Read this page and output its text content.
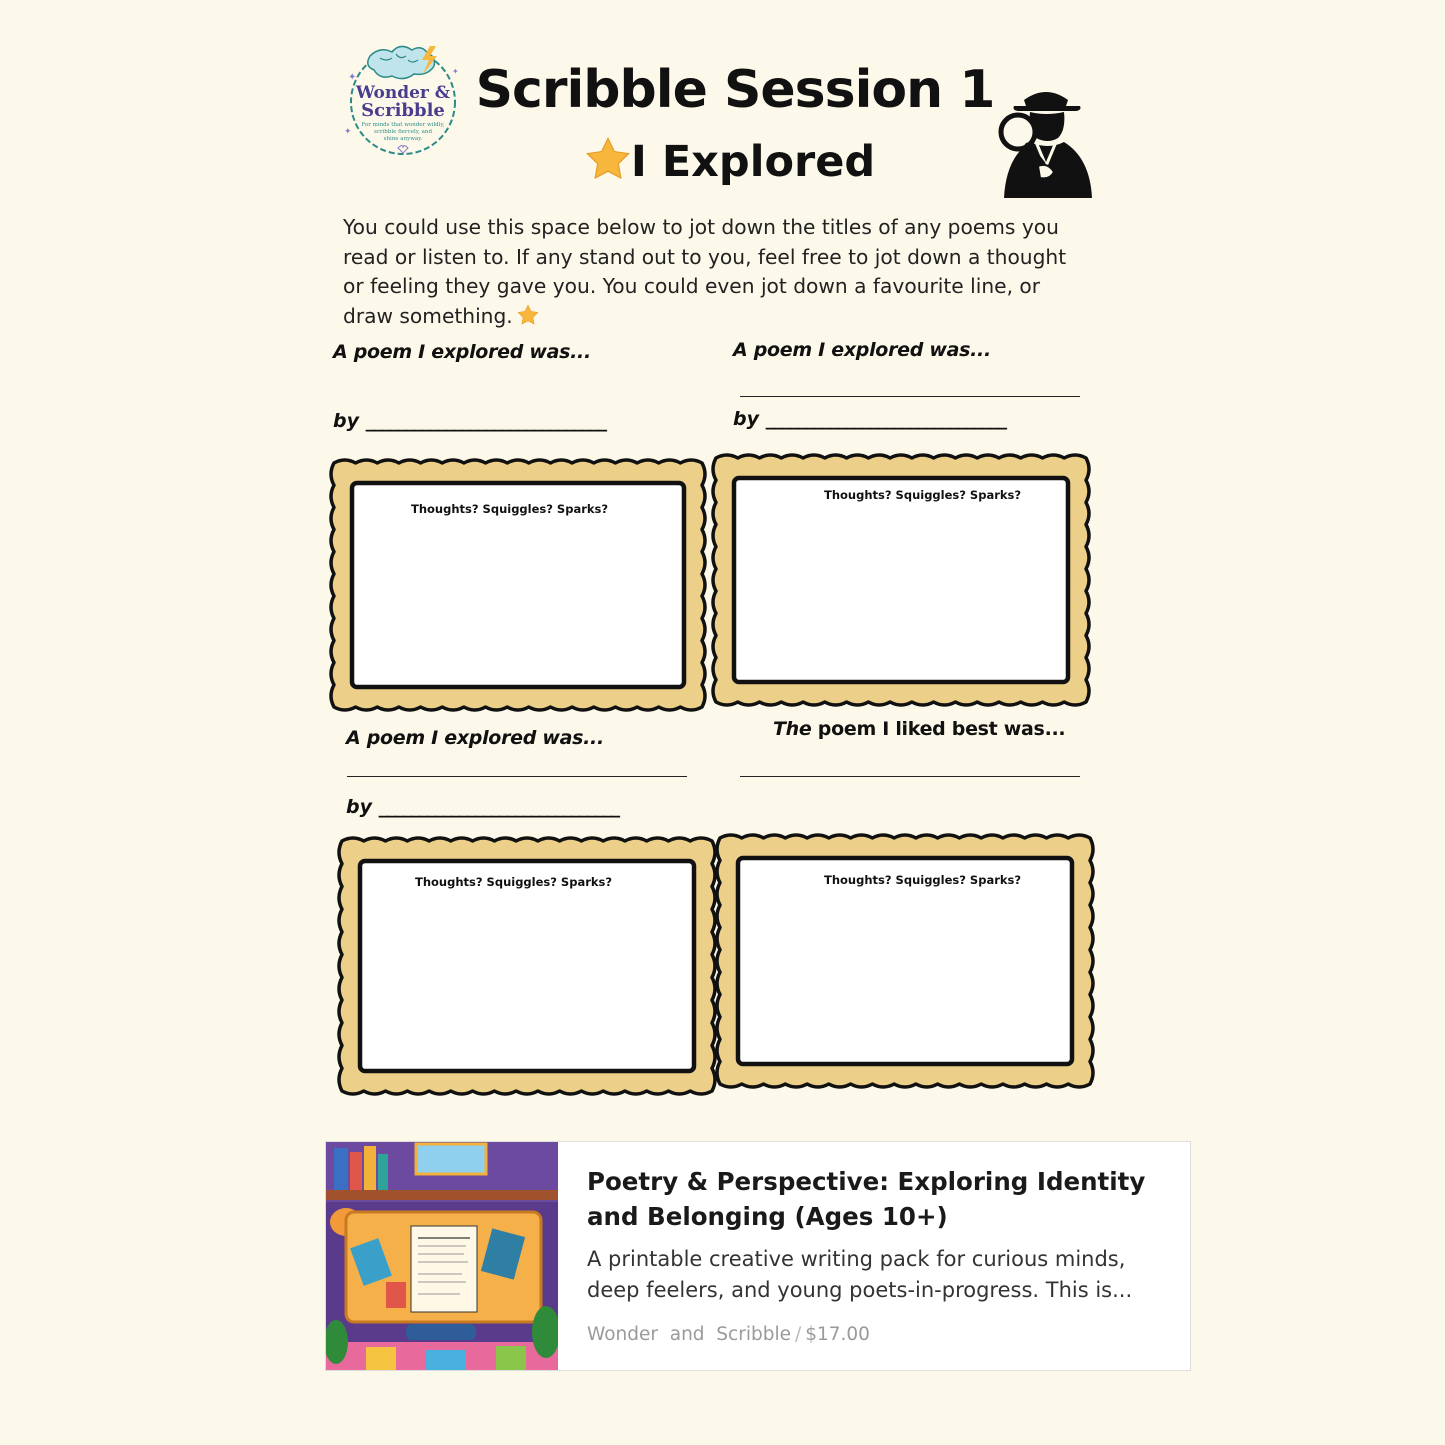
✦
✦
✦
Wonder &
Scribble
For minds that wonder wildly,
scribble fiercely, and
shine anyway.
Scribble Session 1
I Explored
You could use this space below to jot down the titles of any poems you read or listen to. If any stand out to you, feel free to jot down a thought or feeling they gave you. You could even jot down a favourite line, or draw something.
A poem I explored was...
by ______________________________
Thoughts? Squiggles? Sparks?
A poem I explored was...
by ______________________________
Thoughts? Squiggles? Sparks?
A poem I explored was...
by ______________________________
Thoughts? Squiggles? Sparks?
The poem I liked best was...
Thoughts? Squiggles? Sparks?
Poetry & Perspective: Exploring Identity and Belonging (Ages 10+)
A printable creative writing pack for curious minds, deep feelers, and young poets-in-progress. This is...
Wonder  and  Scribble / $17.00
